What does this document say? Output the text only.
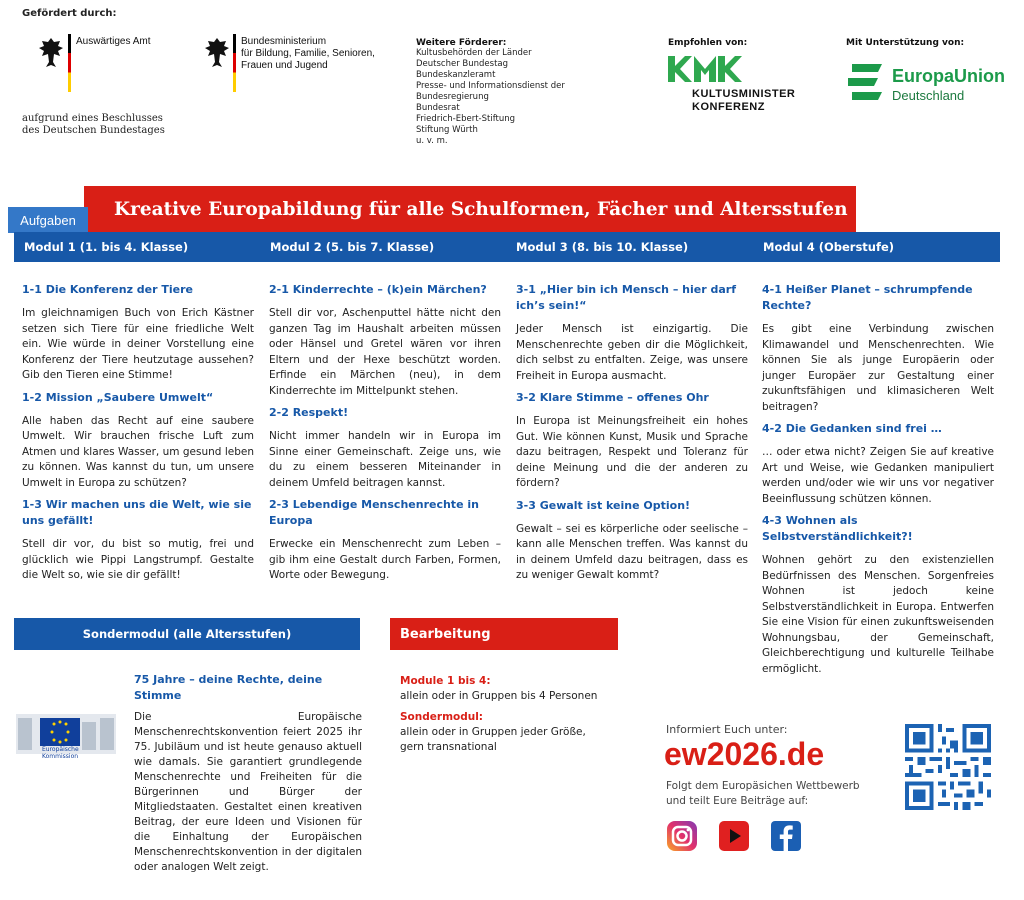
Gefördert durch:
Auswärtiges Amt	Bundesministerium
für Bildung, Familie, Senioren,
Frauen und Jugend
aufgrund eines Beschlusses
des Deutschen Bundestages
Weitere Förderer:
Kultusbehörden der Länder
Deutscher Bundestag
Bundeskanzleramt
Presse- und Informationsdienst der Bundesregierung
Bundesrat
Friedrich-Ebert-Stiftung
Stiftung Würth
u. v. m.
Empfohlen von:
KULTUSMINISTER
KONFERENZ
Mit Unterstützung von:
EuropaUnion
Deutschland
Kreative Europabildung für alle Schulformen, Fächer und Altersstufen
Aufgaben
Modul 1 (1. bis 4. Klasse)	Modul 2 (5. bis 7. Klasse)	Modul 3 (8. bis 10. Klasse)	Modul 4 (Oberstufe)
1-1 Die Konferenz der Tiere
Im gleichnamigen Buch von Erich Kästner setzen sich Tiere für eine friedliche Welt ein. Wie würde in deiner Vorstellung eine Konferenz der Tiere heutzutage aussehen? Gib den Tieren eine Stimme!
1-2 Mission „Saubere Umwelt“
Alle haben das Recht auf eine saubere Umwelt. Wir brauchen frische Luft zum Atmen und klares Wasser, um gesund leben zu können. Was kannst du tun, um unsere Umwelt in Europa zu schützen?
1-3 Wir machen uns die Welt, wie sie uns gefällt!
Stell dir vor, du bist so mutig, frei und glücklich wie Pippi Langstrumpf. Gestalte die Welt so, wie sie dir gefällt!
2-1 Kinderrechte – (k)ein Märchen?
Stell dir vor, Aschenputtel hätte nicht den ganzen Tag im Haushalt arbeiten müssen oder Hänsel und Gretel wären vor ihren Eltern und der Hexe beschützt worden. Erfinde ein Märchen (neu), in dem Kinderrechte im Mittelpunkt stehen.
2-2 Respekt!
Nicht immer handeln wir in Europa im Sinne einer Gemeinschaft. Zeige uns, wie du zu einem besseren Miteinander in deinem Umfeld beitragen kannst.
2-3 Lebendige Menschenrechte in Europa
Erwecke ein Menschenrecht zum Leben – gib ihm eine Gestalt durch Farben, Formen, Worte oder Bewegung.
3-1 „Hier bin ich Mensch – hier darf ich’s sein!“
Jeder Mensch ist einzigartig. Die Menschenrechte geben dir die Möglichkeit, dich selbst zu entfalten. Zeige, was unsere Freiheit in Europa ausmacht.
3-2 Klare Stimme – offenes Ohr
In Europa ist Meinungsfreiheit ein hohes Gut. Wie können Kunst, Musik und Sprache dazu beitragen, Respekt und Toleranz für deine Meinung und die der anderen zu fördern?
3-3 Gewalt ist keine Option!
Gewalt – sei es körperliche oder seelische – kann alle Menschen treffen. Was kannst du in deinem Umfeld dazu beitragen, dass es zu weniger Gewalt kommt?
4-1 Heißer Planet – schrumpfende Rechte?
Es gibt eine Verbindung zwischen Klimawandel und Menschenrechten. Wie können Sie als junge Europäerin oder junger Europäer zur Gestaltung einer zukunftsfähigen und klimasicheren Welt beitragen?
4-2 Die Gedanken sind frei …
… oder etwa nicht? Zeigen Sie auf kreative Art und Weise, wie Gedanken manipuliert werden und/oder wie wir uns vor negativer Beeinflussung schützen können.
4-3 Wohnen als Selbstverständlichkeit?!
Wohnen gehört zu den existenziellen Bedürfnissen des Menschen. Sorgenfreies Wohnen ist jedoch keine Selbstverständlichkeit in Europa. Entwerfen Sie eine Vision für einen zukunftsweisenden Wohnungsbau, der Gemeinschaft, Gleichberechtigung und kulturelle Teilhabe ermöglicht.
Sondermodul (alle Altersstufen)
Europäische
Kommission
75 Jahre – deine Rechte, deine Stimme
Die Europäische Menschenrechtskonvention feiert 2025 ihr 75. Jubiläum und ist heute genauso aktuell wie damals. Sie garantiert grundlegende Menschenrechte und Freiheiten für die Bürgerinnen und Bürger der Mitgliedstaaten. Gestaltet einen kreativen Beitrag, der eure Ideen und Visionen für die Einhaltung der Europäischen Menschenrechtskonvention in der digitalen oder analogen Welt zeigt.
Bearbeitung
Module 1 bis 4:
allein oder in Gruppen bis 4 Personen
Sondermodul:
allein oder in Gruppen jeder Größe, gern transnational
Informiert Euch unter:
ew2026.de
Folgt dem Europäsichen Wettbewerb
und teilt Eure Beiträge auf:
